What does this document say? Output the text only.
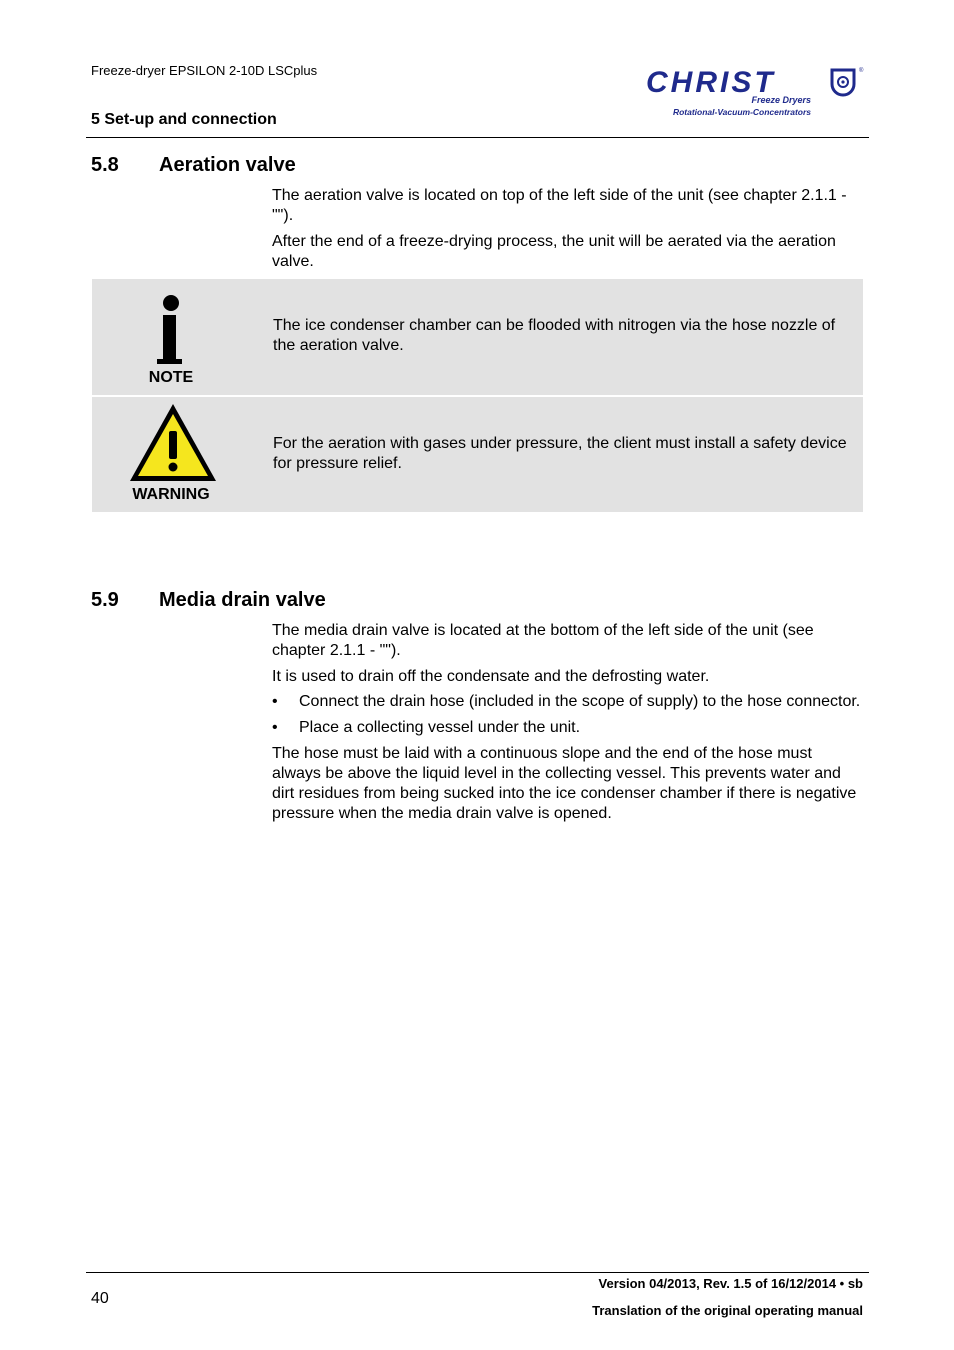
Freeze-dryer EPSILON 2-10D LSCplus
5 Set-up and connection
CHRIST	®
Freeze Dryers
Rotational-Vacuum-Concentrators
5.8 Aeration valve

The aeration valve is located on top of the left side of the unit (see chapter 2.1.1 - "").

After the end of a freeze-drying process, the unit will be aerated via the aeration valve.

NOTE
The ice condenser chamber can be flooded with nitrogen via the hose nozzle of the aeration valve.
WARNING
For the aeration with gases under pressure, the client must install a safety device for pressure relief.
5.9 Media drain valve

The media drain valve is located at the bottom of the left side of the unit (see chapter 2.1.1 - "").

It is used to drain off the condensate and the defrosting water.

• Connect the drain hose (included in the scope of supply) to the hose connector.
• Place a collecting vessel under the unit.

The hose must be laid with a continuous slope and the end of the hose must always be above the liquid level in the collecting vessel. This prevents water and dirt residues from being sucked into the ice condenser chamber if there is negative pressure when the media drain valve is opened.

40
Version 04/2013, Rev. 1.5 of 16/12/2014 • sb
Translation of the original operating manual
